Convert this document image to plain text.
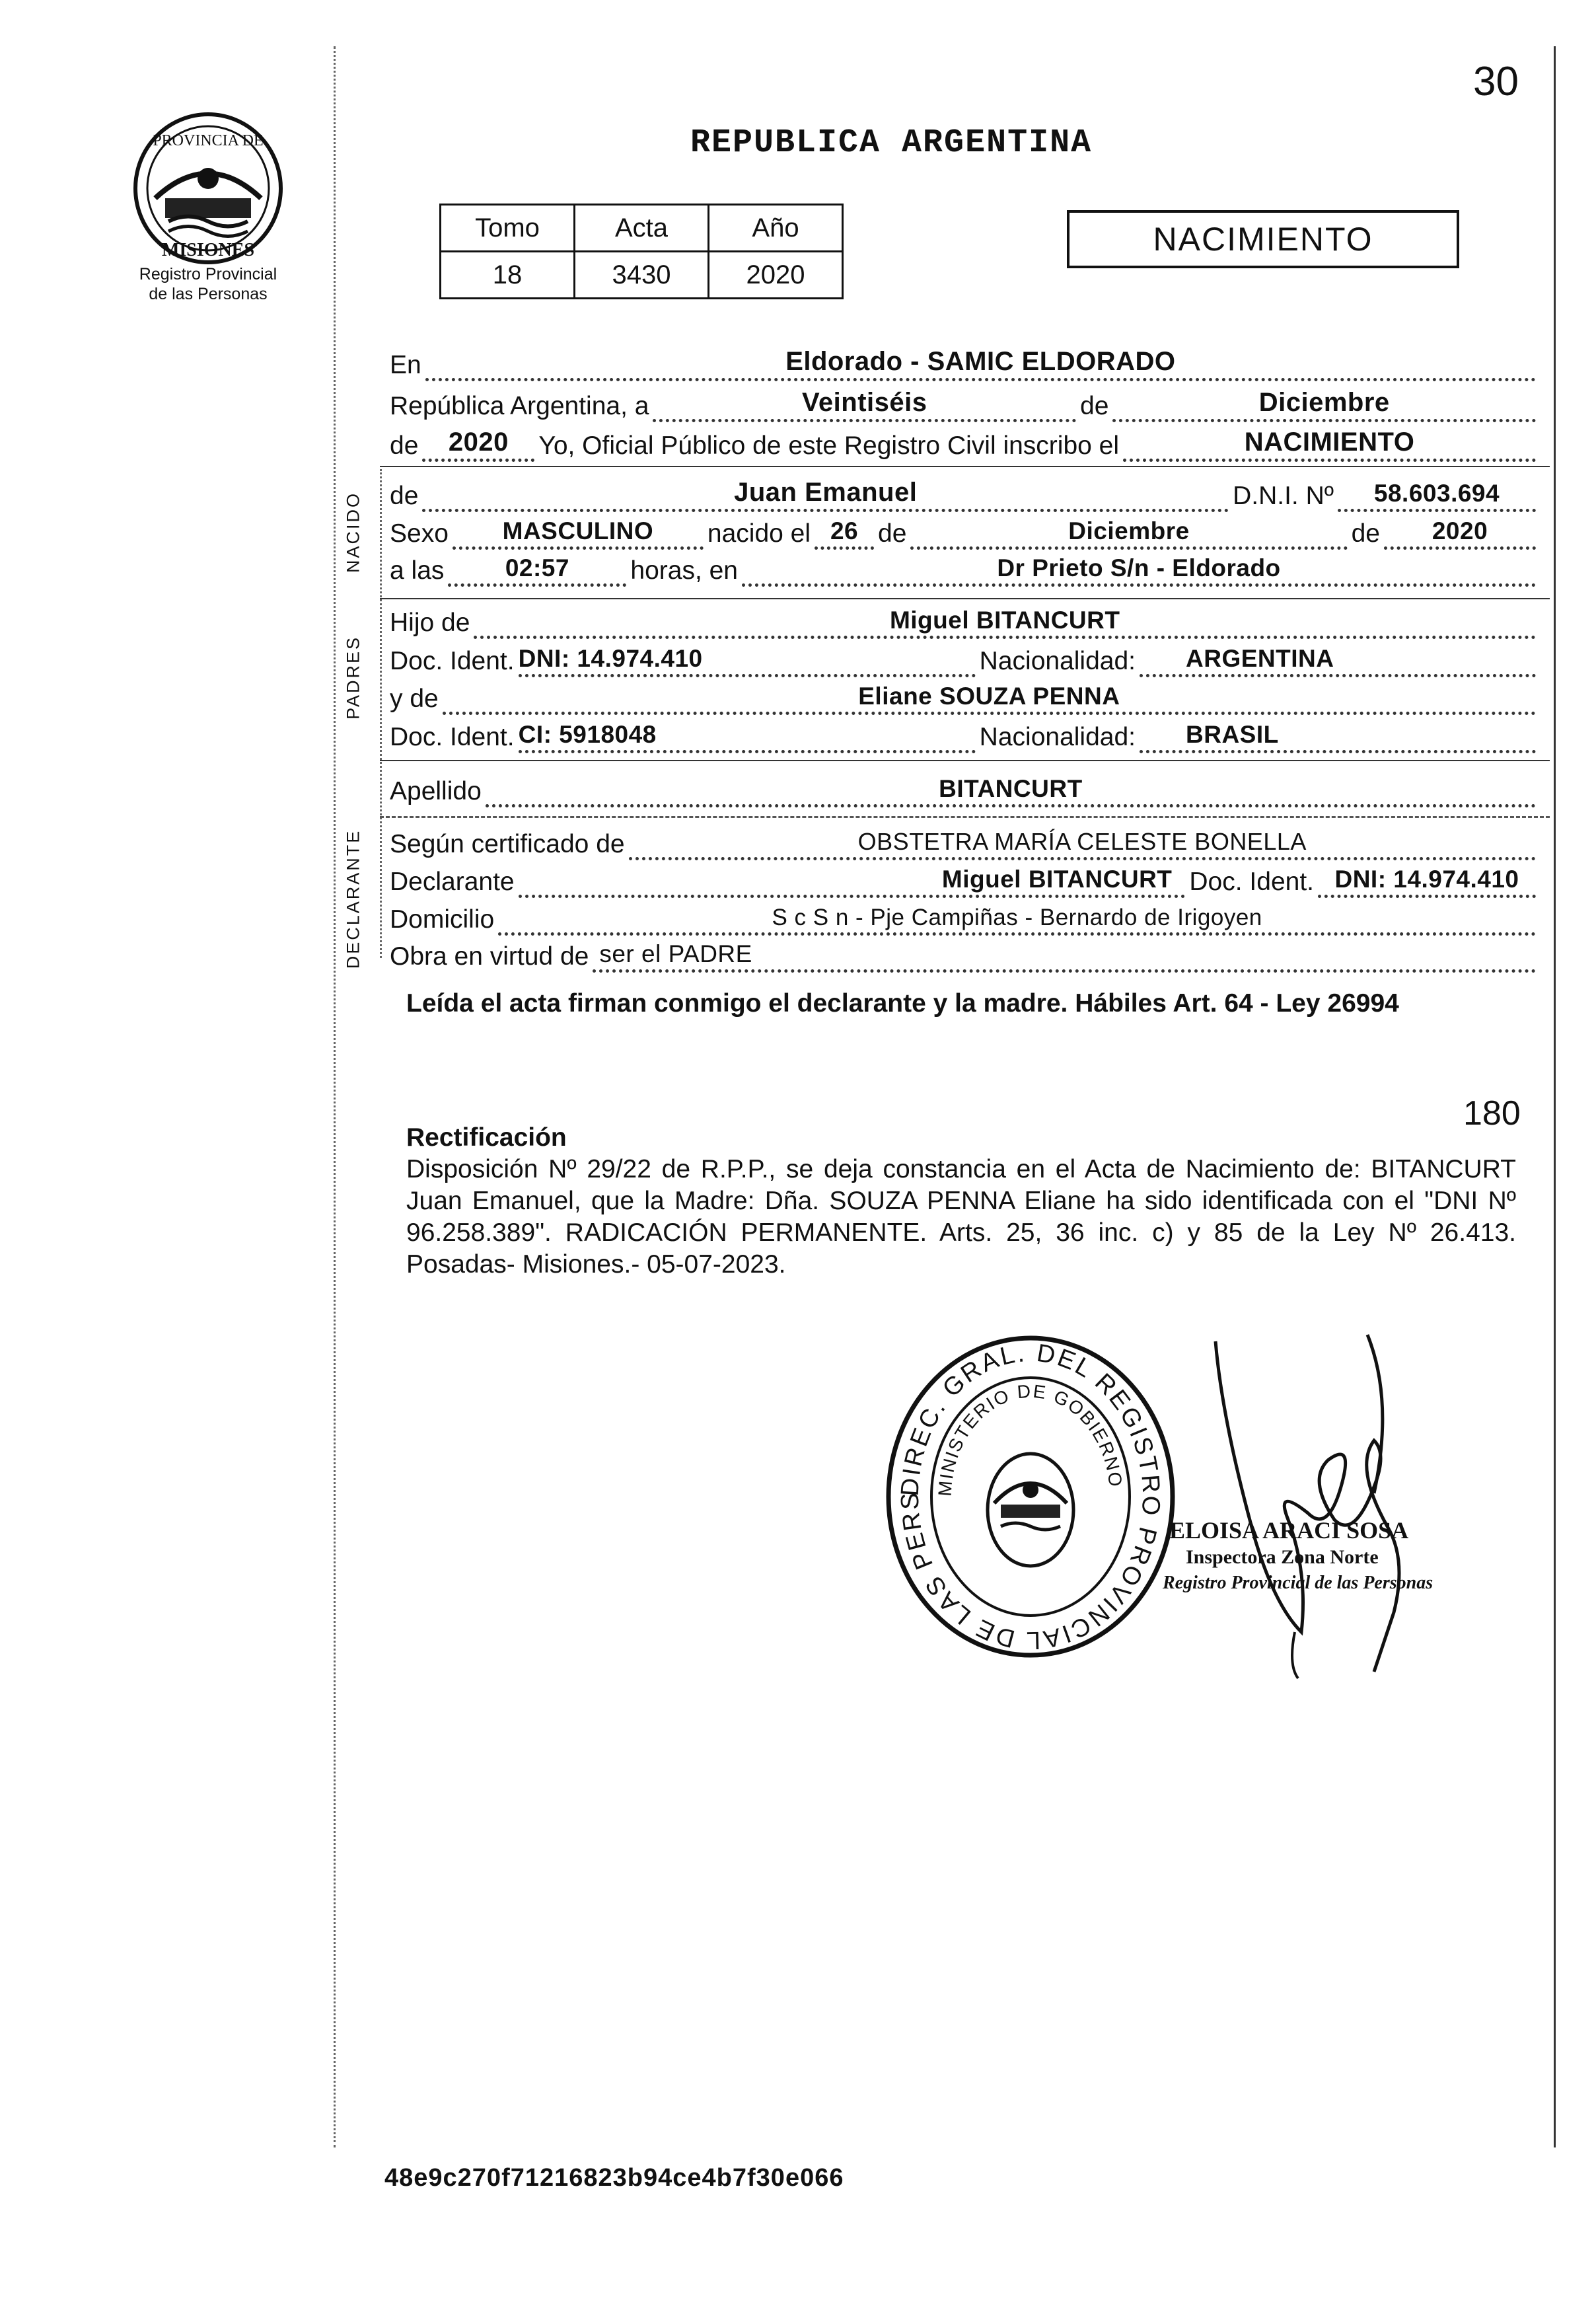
30
PROVINCIA DE
MISIONES
Registro Provincial
de las Personas
REPUBLICA ARGENTINA
Tomo	Acta	Año
18	3430	2020
NACIMIENTO
En	Eldorado - SAMIC ELDORADO
República Argentina, a	Veintiséis	de	Diciembre
de	2020	Yo, Oficial Público de este Registro Civil inscribo el	NACIMIENTO
NACIDO de	Juan Emanuel	D.N.I. Nº	58.603.694
Sexo	MASCULINO	nacido el 26 de	Diciembre	de	2020
a las	02:57	horas, en	Dr Prieto S/n - Eldorado
PADRES
Hijo de	Miguel BITANCURT
Doc. Ident. DNI: 14.974.410	Nacionalidad:	ARGENTINA
y de	Eliane SOUZA PENNA
Doc. Ident. CI: 5918048	Nacionalidad:	BRASIL
Apellido	BITANCURT
DECLARANTE Según certificado de	OBSTETRA MARÍA CELESTE BONELLA
Declarante	Miguel BITANCURT Doc. Ident. DNI: 14.974.410
Domicilio	S c S n - Pje Campiñas - Bernardo de Irigoyen
Obra en virtud de ser el PADRE
Leída el acta firman conmigo el declarante y la madre. Hábiles Art. 64 - Ley 26994
180
Rectificación
Disposición Nº 29/22 de R.P.P., se deja constancia en el Acta de Nacimiento de: BITANCURT Juan Emanuel, que la Madre: Dña. SOUZA PENNA Eliane ha sido identificada con el "DNI Nº 96.258.389". RADICACIÓN PERMANENTE. Arts. 25, 36 inc. c) y 85 de la Ley Nº 26.413. Posadas- Misiones.- 05-07-2023.
DIREC. GRAL. DEL REGISTRO PROVINCIAL DE LAS PERS
MINISTERIO DE GOBIERNO
ELOISA ARACI SOSA
Inspectora Zona Norte
Registro Provincial de las Personas
48e9c270f71216823b94ce4b7f30e066
